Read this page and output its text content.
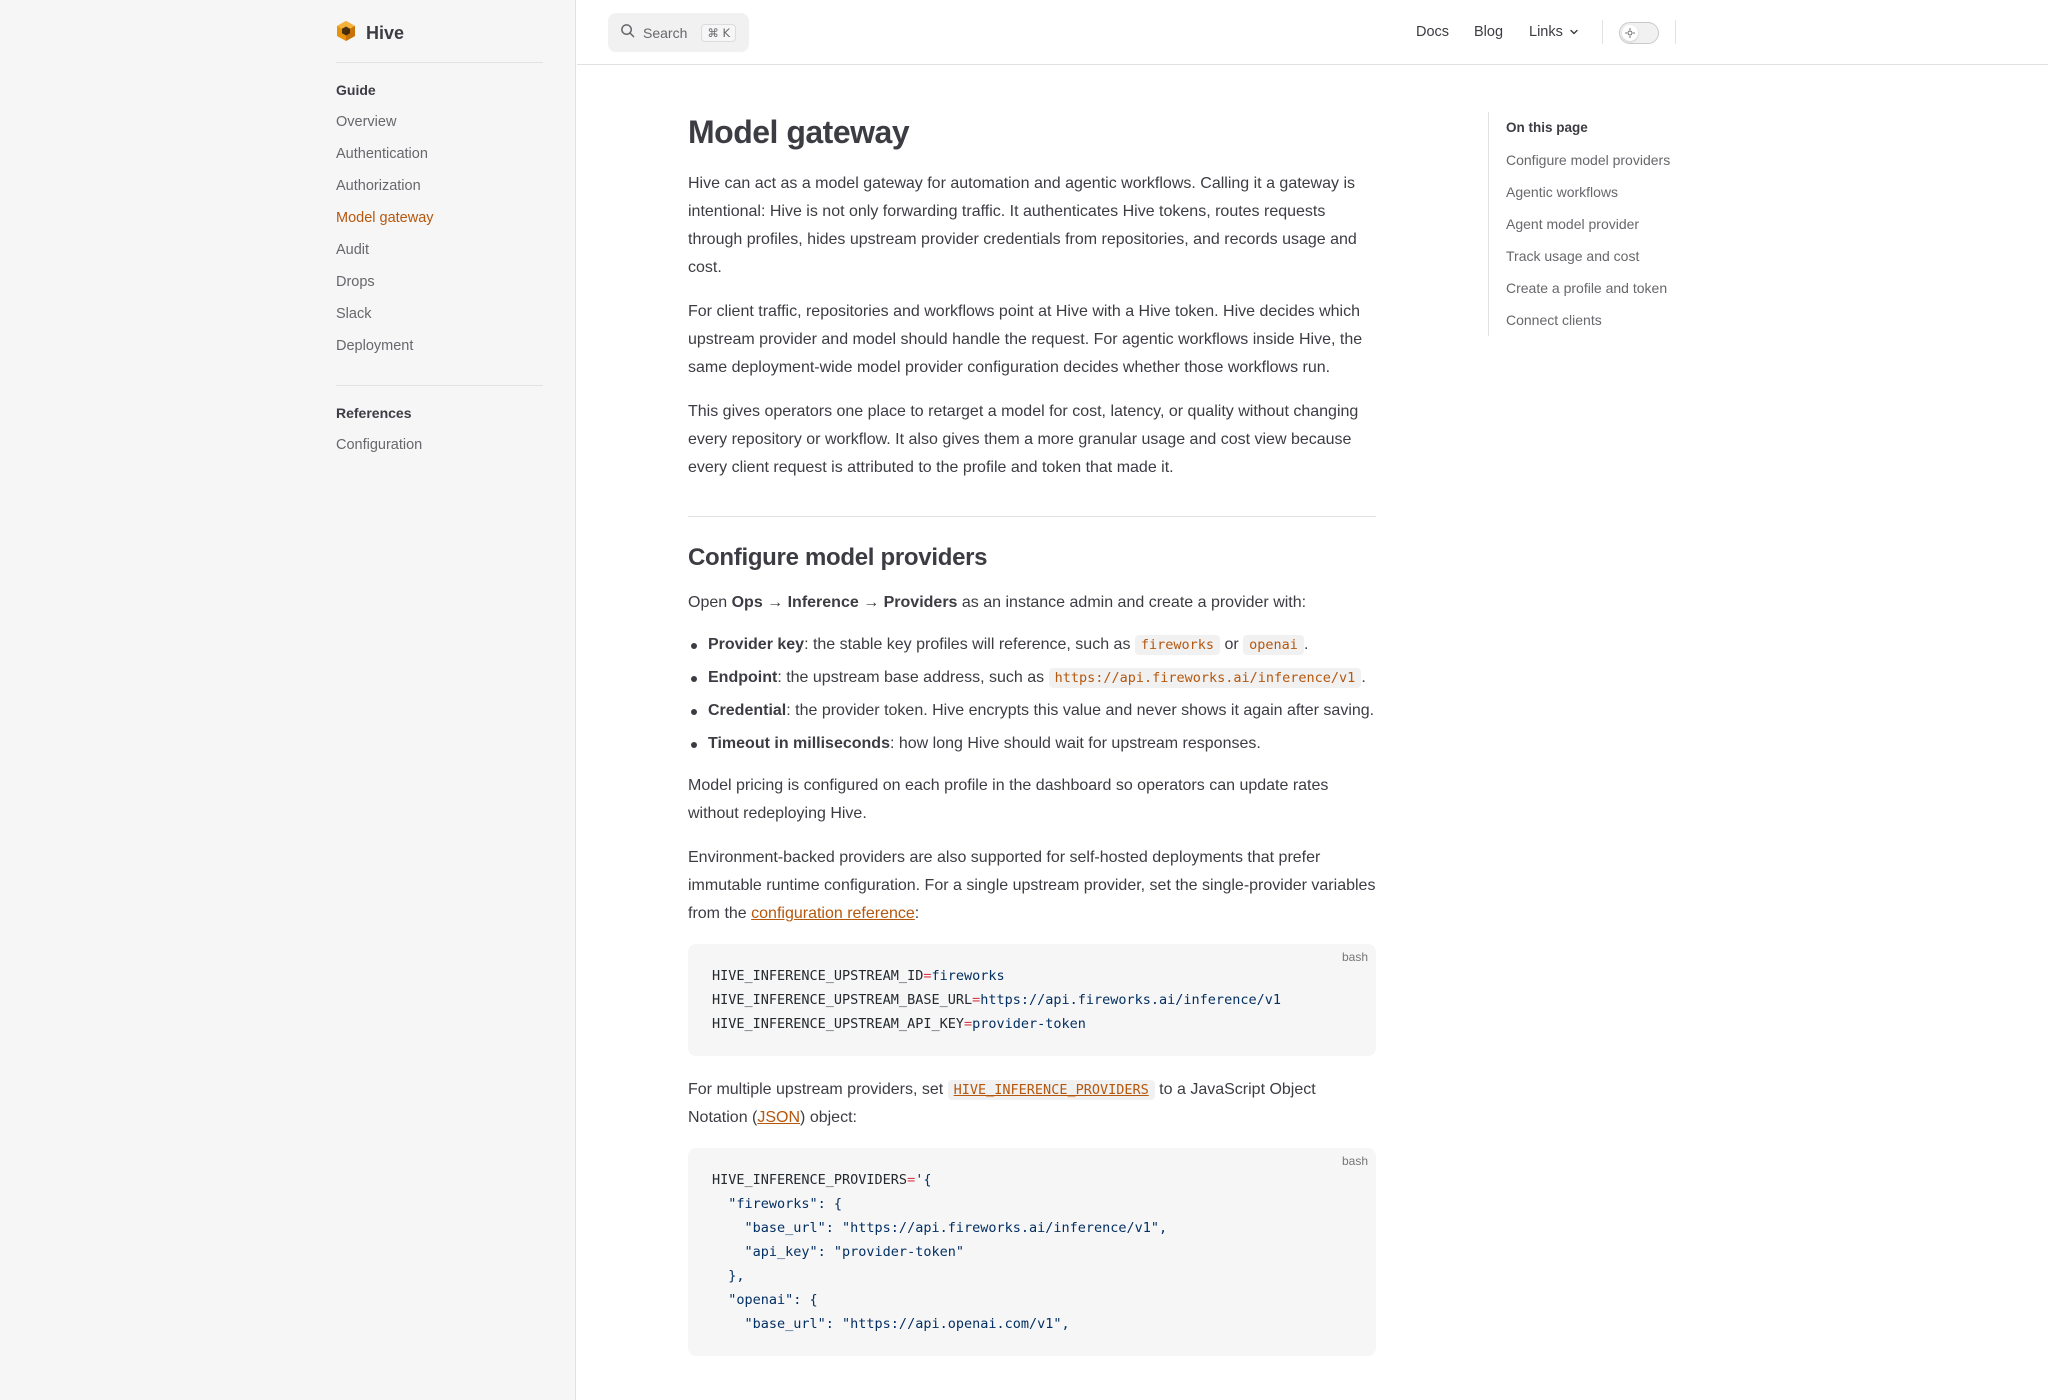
Hive
Guide
Overview
Authentication
Authorization
Model gateway
Audit
Drops
Slack
Deployment
References
Configuration
Search	⌘ K	Docs Blog Links
Model gateway

Hive can act as a model gateway for automation and agentic workflows. Calling it a gateway is intentional: Hive is not only forwarding traffic. It authenticates Hive tokens, routes requests through profiles, hides upstream provider credentials from repositories, and records usage and cost.

For client traffic, repositories and workflows point at Hive with a Hive token. Hive decides which upstream provider and model should handle the request. For agentic workflows inside Hive, the same deployment-wide model provider configuration decides whether those workflows run.

This gives operators one place to retarget a model for cost, latency, or quality without changing every repository or workflow. It also gives them a more granular usage and cost view because every client request is attributed to the profile and token that made it.

Configure model providers

Open Ops → Inference → Providers as an instance admin and create a provider with:

Provider key: the stable key profiles will reference, such as fireworks or openai .
Endpoint: the upstream base address, such as https://api.fireworks.ai/inference/v1 .
Credential: the provider token. Hive encrypts this value and never shows it again after saving.
Timeout in milliseconds: how long Hive should wait for upstream responses.

Model pricing is configured on each profile in the dashboard so operators can update rates without redeploying Hive.

Environment-backed providers are also supported for self-hosted deployments that prefer immutable runtime configuration. For a single upstream provider, set the single-provider variables from the configuration reference:

bash
HIVE_INFERENCE_UPSTREAM_ID=fireworks
HIVE_INFERENCE_UPSTREAM_BASE_URL=https://api.fireworks.ai/inference/v1
HIVE_INFERENCE_UPSTREAM_API_KEY=provider-token

For multiple upstream providers, set HIVE_INFERENCE_PROVIDERS to a JavaScript Object Notation (JSON) object:

bash
HIVE_INFERENCE_PROVIDERS='{
"fireworks": {
"base_url": "https://api.fireworks.ai/inference/v1",
"api_key": "provider-token"
},
"openai": {
"base_url": "https://api.openai.com/v1",
On this page
Configure model providers
Agentic workflows
Agent model provider
Track usage and cost
Create a profile and token
Connect clients
